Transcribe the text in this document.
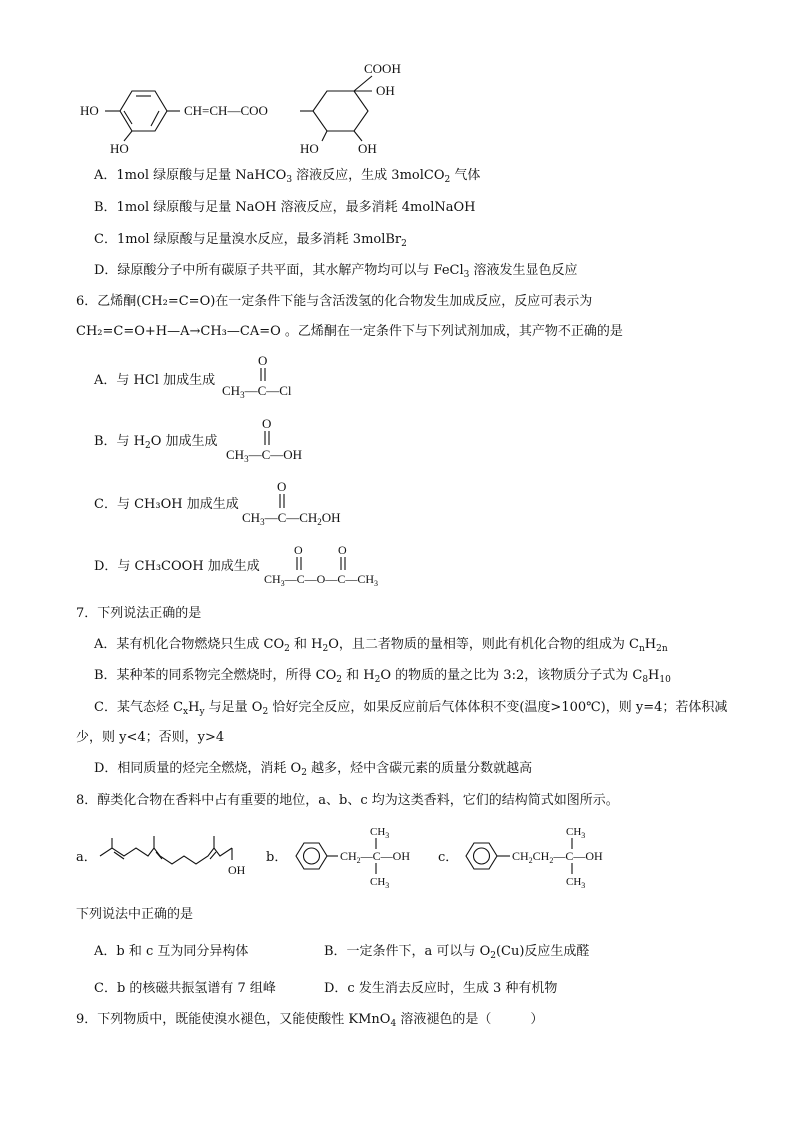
COOH
OH
HO
HO
CH=CH—COO
HO	OH
A．1mol 绿原酸与足量 NaHCO$_3$ 溶液反应，生成 3molCO$_2$ 气体
B．1mol 绿原酸与足量 NaOH 溶液反应，最多消耗 4molNaOH
C．1mol 绿原酸与足量溴水反应，最多消耗 3molBr$_2$
D．绿原酸分子中所有碳原子共平面，其水解产物均可以与 FeCl$_3$ 溶液发生显色反应
6．乙烯酮(CH₂=C=O)在一定条件下能与含活泼氢的化合物发生加成反应，反应可表示为
CH₂=C=O+H—A→CH₃—CA=O 。乙烯酮在一定条件下与下列试剂加成，其产物不正确的是
A．与 HCl 加成生成
O
$CH_3—C—Cl$
B．与 $H_2O$ 加成生成
O
$CH_3—C—OH$
C．与 CH₃OH 加成生成
O
$CH_3—C—CH_2OH$
D．与 CH₃COOH 加成生成
O	O
$CH_3—C—O—C—CH_3$
7．下列说法正确的是
A．某有机化合物燃烧只生成 $CO_2$ 和 $H_2O$，且二者物质的量相等，则此有机化合物的组成为 $C_nH_{2n}$
B．某种苯的同系物完全燃烧时，所得 $CO_2$ 和 $H_2O$ 的物质的量之比为 3:2，该物质分子式为 $C_8H_{10}$
C．某气态烃 $C_xH_y$ 与足量 $O_2$ 恰好完全反应，如果反应前后气体体积不变(温度>100℃)，则 y=4；若体积减
少，则 y<4；否则，y>4
D．相同质量的烃完全燃烧，消耗 $O_2$ 越多，烃中含碳元素的质量分数就越高
8．醇类化合物在香料中占有重要的地位，a、b、c 均为这类香料，它们的结构简式如图所示。
a．
OH
b．	$CH_2—C—OH$
$CH_3$
$CH_3$
c．	$CH_2CH_2—C—OH$
$CH_3$
$CH_3$
下列说法中正确的是
A．b 和 c 互为同分异构体	B．一定条件下，a 可以与 $O_2(Cu)$反应生成醛
C．b 的核磁共振氢谱有 7 组峰	D．c 发生消去反应时，生成 3 种有机物
9．下列物质中，既能使溴水褪色，又能使酸性 KMnO$_4$ 溶液褪色的是（　　　）
